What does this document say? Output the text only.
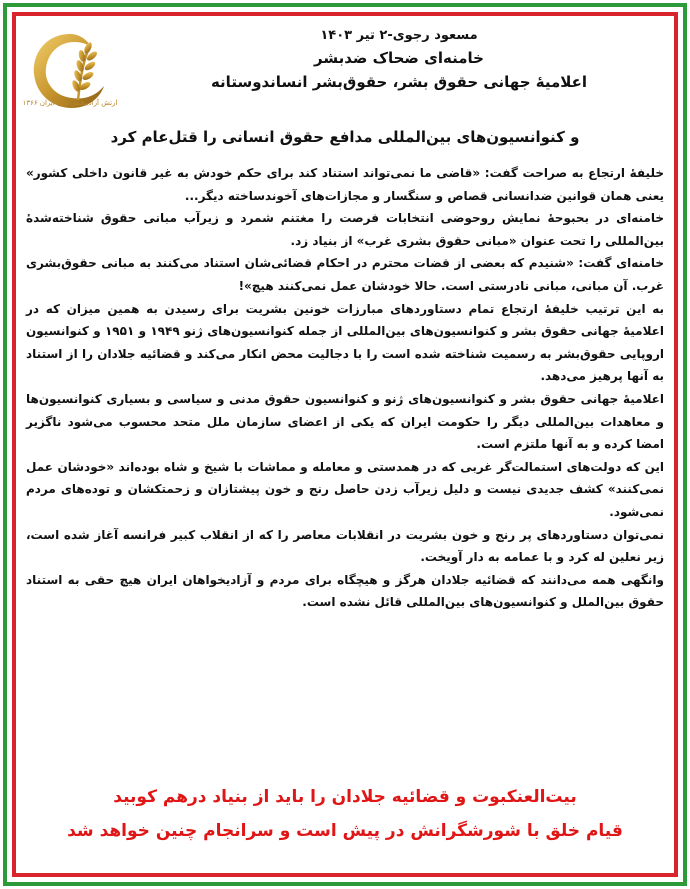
ارتش آزادیبخش ملی ایران ۱۳۶۶
مسعود رجوی-۲ تیر ۱۴۰۳
خامنه‌ای ضحاک ضدبشر
اعلامیهٔ جهانی حقوق بشر، حقوق‌بشر انساندوستانه
و کنوانسیون‌های بین‌المللی مدافع حقوق انسانی را قتل‌عام کرد

خلیفهٔ ارتجاع به صراحت گفت: «قاضی ما نمی‌تواند استناد کند برای حکم خودش به غیر قانون داخلی کشور» یعنی همان قوانین ضدانسانی قصاص و سنگسار و مجازات‌های آخوندساخته دیگر...

خامنه‌ای در بحبوحهٔ نمایش روحوضی انتخابات فرصت را مغتنم شمرد و زیرآب مبانی حقوق شناخته‌شدهٔ بین‌المللی را تحت عنوان «مبانی حقوق بشری غرب» از بنیاد زد.

خامنه‌ای گفت: «شنیدم که بعضی از قضات محترم در احکام قضائی‌شان استناد می‌کنند به مبانی حقوق‌بشری غرب. آن مبانی، مبانی نادرستی است. حالا خودشان عمل نمی‌کنند هیچ»!

به این ترتیب خلیفهٔ ارتجاع تمام دستاوردهای مبارزات خونین بشریت برای رسیدن به همین میزان که در اعلامیهٔ جهانی حقوق بشر و کنوانسیون‌های بین‌المللی از جمله کنوانسیون‌های ژنو ۱۹۴۹ و ۱۹۵۱ و کنوانسیون اروپایی حقوق‌بشر به رسمیت شناخته شده است را با دجالیت محض انکار می‌کند و قضائیه جلادان را از استناد به آنها پرهیز می‌دهد.

اعلامیهٔ جهانی حقوق بشر و کنوانسیون‌های ژنو و کنوانسیون حقوق مدنی و سیاسی و بسیاری کنوانسیون‌ها و معاهدات بین‌المللی دیگر را حکومت ایران که یکی از اعضای سازمان ملل متحد محسوب می‌شود ناگزیر امضا کرده و به آنها ملتزم است.

این که دولت‌های استمالت‌گر غربی که در همدستی و معامله و مماشات با شیخ و شاه بوده‌اند «خودشان عمل نمی‌کنند» کشف جدیدی نیست و دلیل زیرآب زدن حاصل رنج و خون پیشتازان و زحمتکشان و توده‌های مردم نمی‌شود.

نمی‌توان دستاوردهای پر رنج و خون بشریت در انقلابات معاصر را که از انقلاب کبیر فرانسه آغاز شده است، زیر نعلین له کرد و با عمامه به دار آویخت.

وانگهی همه می‌دانند که قضائیه جلادان هرگز و هیچگاه برای مردم و آزادیخواهان ایران هیچ حقی به استناد حقوق بین‌الملل و کنوانسیون‌های بین‌المللی قائل نشده است.

بیت‌العنکبوت و قضائیه جلادان را باید از بنیاد درهم کوبید
قیام خلق با شورشگرانش در پیش است و سرانجام چنین خواهد شد
